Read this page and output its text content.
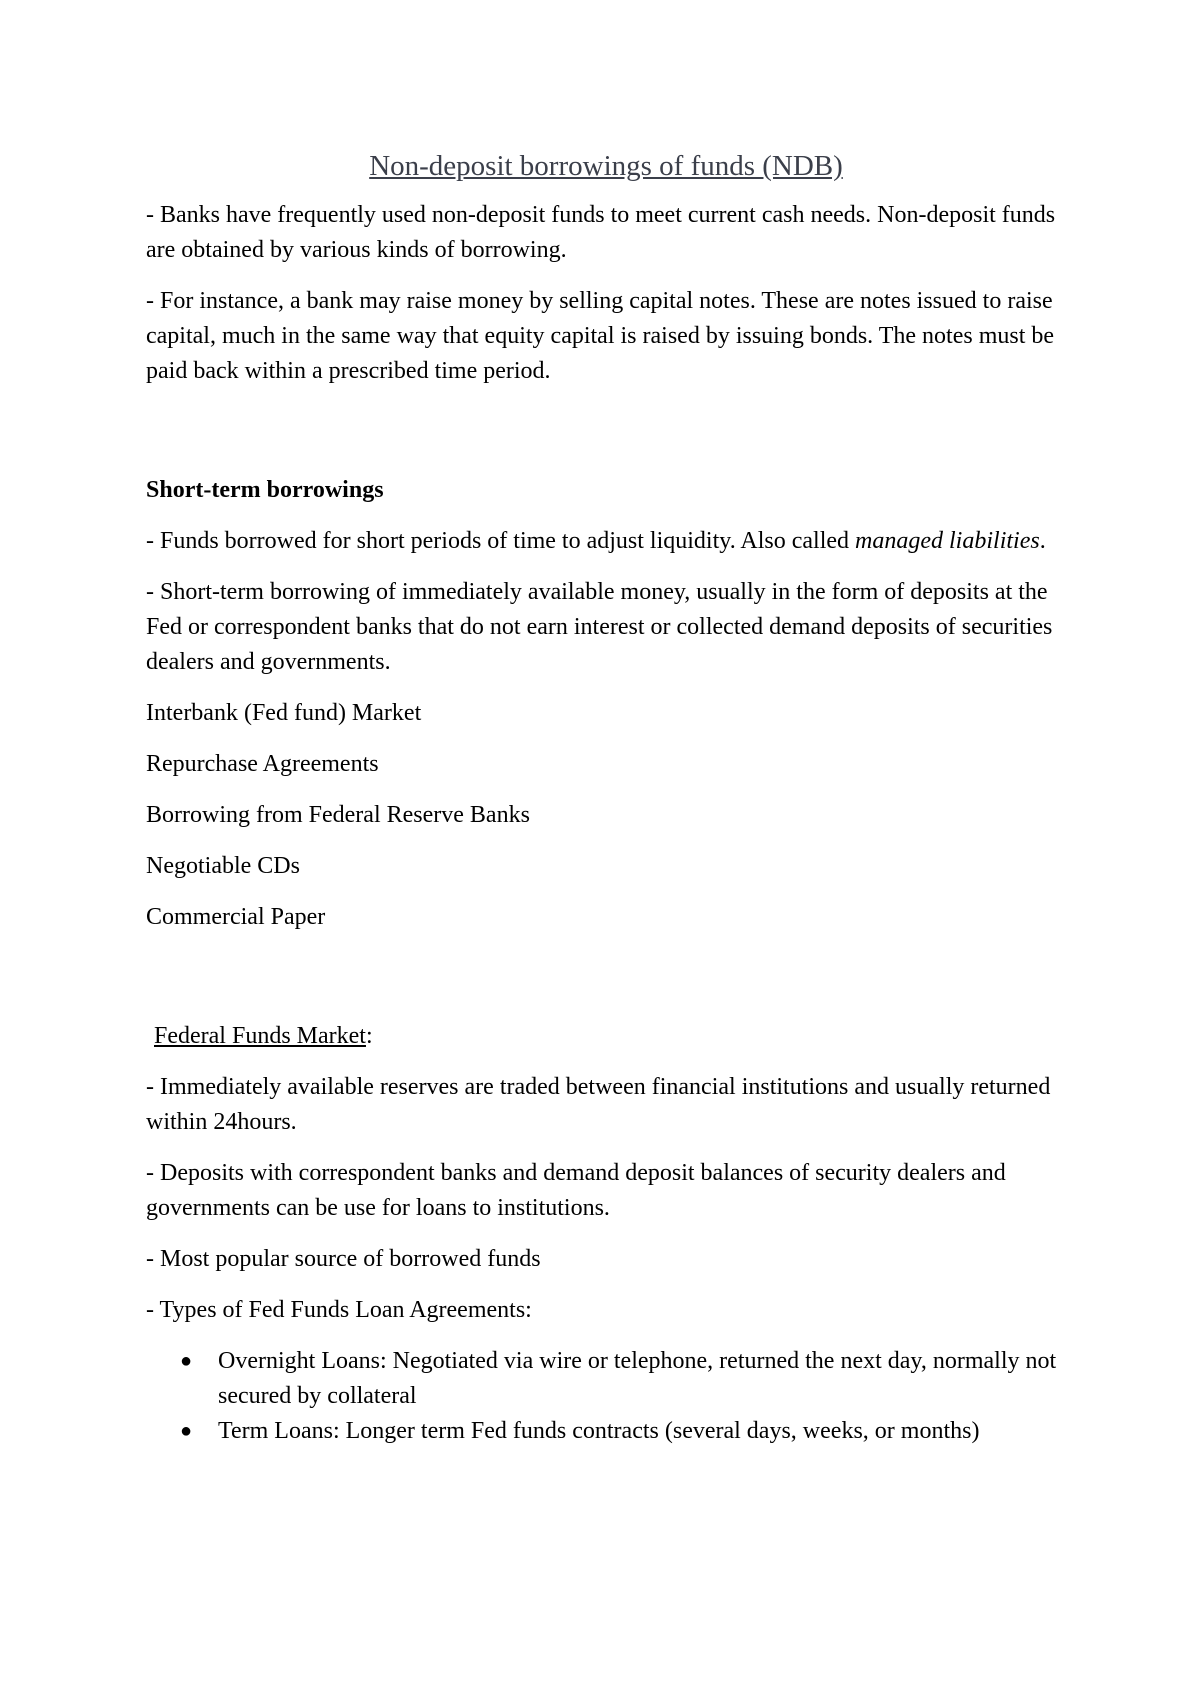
Non-deposit borrowings of funds (NDB)

- Banks have frequently used non-deposit funds to meet current cash needs. Non-deposit funds are obtained by various kinds of borrowing.

- For instance, a bank may raise money by selling capital notes. These are notes issued to raise capital, much in the same way that equity capital is raised by issuing bonds. The notes must be paid back within a prescribed time period.

Short-term borrowings

- Funds borrowed for short periods of time to adjust liquidity. Also called managed liabilities.

- Short-term borrowing of immediately available money, usually in the form of deposits at the Fed or correspondent banks that do not earn interest or collected demand deposits of securities dealers and governments.

Interbank (Fed fund) Market

Repurchase Agreements

Borrowing from Federal Reserve Banks

Negotiable CDs

Commercial Paper

Federal Funds Market:

- Immediately available reserves are traded between financial institutions and usually returned within 24hours.

- Deposits with correspondent banks and demand deposit balances of security dealers and governments can be use for loans to institutions.

- Most popular source of borrowed funds

- Types of Fed Funds Loan Agreements:

● Overnight Loans: Negotiated via wire or telephone, returned the next day, normally not secured by collateral
● Term Loans: Longer term Fed funds contracts (several days, weeks, or months)
